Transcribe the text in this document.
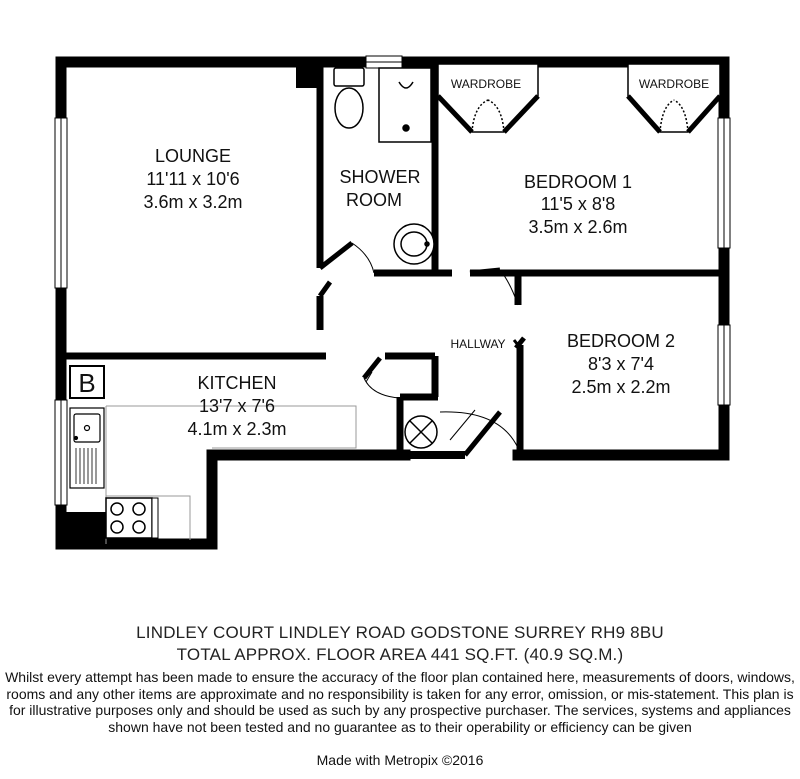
B
LOUNGE
11'11 x 10'6
3.6m x 3.2m
SHOWER
ROOM
WARDROBE	WARDROBE
BEDROOM 1
11'5 x 8'8
3.5m x 2.6m
HALLWAY	BEDROOM 2
8'3 x 7'4
2.5m x 2.2m
KITCHEN
13'7 x 7'6
4.1m x 2.3m
LINDLEY COURT LINDLEY ROAD GODSTONE SURREY RH9 8BU
TOTAL APPROX. FLOOR AREA 441 SQ.FT. (40.9 SQ.M.)
Whilst every attempt has been made to ensure the accuracy of the floor plan contained here, measurements of doors, windows, rooms and any other items are approximate and no responsibility is taken for any error, omission, or mis-statement. This plan is for illustrative purposes only and should be used as such by any prospective purchaser. The services, systems and appliances shown have not been tested and no guarantee as to their operability or efficiency can be given
Made with Metropix ©2016
